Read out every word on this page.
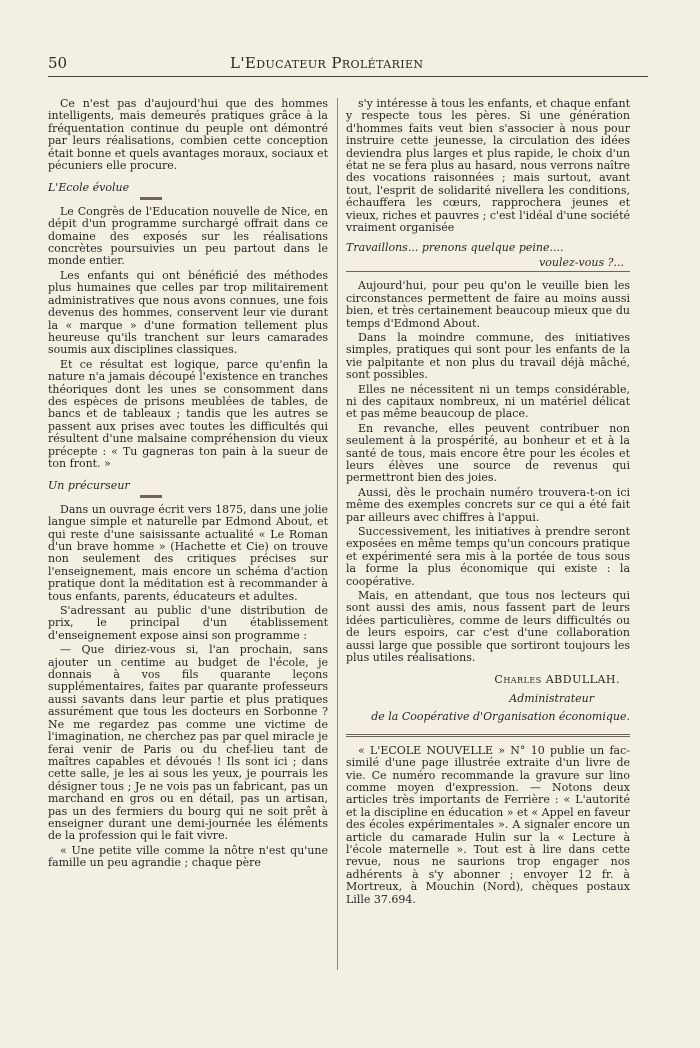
50	L'Educateur Prolétarien

Ce n'est pas d'aujourd'hui que des hommes intelligents, mais demeurés pratiques grâce à la fréquentation continue du peuple ont démontré par leurs réalisations, combien cette conception était bonne et quels avantages moraux, sociaux et pécuniers elle procure.

L'Ecole évolue

Le Congrès de l'Education nouvelle de Nice, en dépit d'un programme surchargé offrait dans ce domaine des exposés sur les réalisations concrètes poursuivies un peu partout dans le monde entier.

Les enfants qui ont bénéficié des méthodes plus humaines que celles par trop militairement administratives que nous avons connues, une fois devenus des hommes, conservent leur vie durant la « marque » d'une formation tellement plus heureuse qu'ils tranchent sur leurs camarades soumis aux disciplines classiques.

Et ce résultat est logique, parce qu'enfin la nature n'a jamais découpé l'existence en tranches théoriques dont les unes se consomment dans des espèces de prisons meublées de tables, de bancs et de tableaux ; tandis que les autres se passent aux prises avec toutes les difficultés qui résultent d'une malsaine compréhension du vieux précepte : « Tu gagneras ton pain à la sueur de ton front. »

Un précurseur

Dans un ouvrage écrit vers 1875, dans une jolie langue simple et naturelle par Edmond About, et qui reste d'une saisissante actualité « Le Roman d'un brave homme » (Hachette et Cie) on trouve non seulement des critiques précises sur l'enseignement, mais encore un schéma d'action pratique dont la méditation est à recommander à tous enfants, parents, éducateurs et adultes.

S'adressant au public d'une distribution de prix, le principal d'un établissement d'enseignement expose ainsi son programme :

— Que diriez-vous si, l'an prochain, sans ajouter un centime au budget de l'école, je donnais à vos fils quarante leçons supplémentaires, faites par quarante professeurs aussi savants dans leur partie et plus pratiques assurément que tous les docteurs en Sorbonne ? Ne me regardez pas comme une victime de l'imagination, ne cherchez pas par quel miracle je ferai venir de Paris ou du chef-lieu tant de maîtres capables et dévoués ! Ils sont ici ; dans cette salle, je les ai sous les yeux, je pourrais les désigner tous ; Je ne vois pas un fabricant, pas un marchand en gros ou en détail, pas un artisan, pas un des fermiers du bourg qui ne soit prêt à enseigner durant une demi-journée les éléments de la profession qui le fait vivre.

« Une petite ville comme la nôtre n'est qu'une famille un peu agrandie ; chaque père

s'y intéresse à tous les enfants, et chaque enfant y respecte tous les pères. Si une génération d'hommes faits veut bien s'associer à nous pour instruire cette jeunesse, la circulation des idées deviendra plus larges et plus rapide, le choix d'un état ne se fera plus au hasard, nous verrons naître des vocations raisonnées ; mais surtout, avant tout, l'esprit de solidarité nivellera les conditions, échauffera les cœurs, rapprochera jeunes et vieux, riches et pauvres ; c'est l'idéal d'une société vraiment organisée

Travaillons... prenons quelque peine....

voulez-vous ?...

Aujourd'hui, pour peu qu'on le veuille bien les circonstances permettent de faire au moins aussi bien, et très certainement beaucoup mieux que du temps d'Edmond About.

Dans la moindre commune, des initiatives simples, pratiques qui sont pour les enfants de la vie palpitante et non plus du travail déjà mâché, sont possibles.

Elles ne nécessitent ni un temps considérable, ni des capitaux nombreux, ni un matériel délicat et pas même beaucoup de place.

En revanche, elles peuvent contribuer non seulement à la prospérité, au bonheur et et à la santé de tous, mais encore être pour les écoles et leurs élèves une source de revenus qui permettront bien des joies.

Aussi, dès le prochain numéro trouvera-t-on ici même des exemples concrets sur ce qui a été fait par ailleurs avec chiffres à l'appui.

Successivement, les initiatives à prendre seront exposées en même temps qu'un concours pratique et expérimenté sera mis à la portée de tous sous la forme la plus économique qui existe : la coopérative.

Mais, en attendant, que tous nos lecteurs qui sont aussi des amis, nous fassent part de leurs idées particulières, comme de leurs difficultés ou de leurs espoirs, car c'est d'une collaboration aussi large que possible que sortiront toujours les plus utiles réalisations.

Charles ABDULLAH.

Administrateur

de la Coopérative d'Organisation économique.

« L'ECOLE NOUVELLE » N° 10 publie un fac-similé d'une page illustrée extraite d'un livre de vie. Ce numéro recommande la gravure sur lino comme moyen d'expression. — Notons deux articles très importants de Ferrière : « L'autorité et la discipline en éducation » et « Appel en faveur des écoles expérimentales ». A signaler encore un article du camarade Hulin sur la « Lecture à l'école maternelle ». Tout est à lire dans cette revue, nous ne saurions trop engager nos adhérents à s'y abonner ; envoyer 12 fr. à Mortreux, à Mouchin (Nord), chèques postaux Lille 37.694.
